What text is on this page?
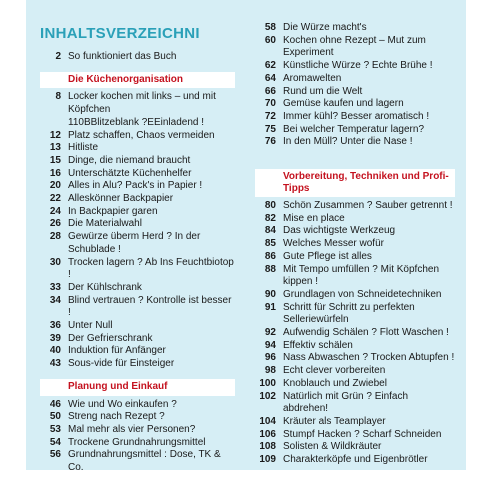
INHALTSVERZEICHNI
2 So funktioniert das Buch
Die Küchenorganisation
8 Locker kochen mit links – und mit Köpfchen
110BBlitzeblank ?EEinladend !
12 Platz schaffen, Chaos vermeiden
13 Hitliste
15 Dinge, die niemand braucht
16 Unterschätzte Küchenhelfer
20 Alles in Alu? Pack's in Papier !
22 Alleskönner Backpapier
24 In Backpapier garen
26 Die Materialwahl
28 Gewürze überm Herd ? In der Schublade !
30 Trocken lagern ? Ab Ins Feuchtbiotop !
33 Der Kühlschrank
34 Blind vertrauen ? Kontrolle ist besser !
36 Unter Null
39 Der Gefrierschrank
40 Induktion für Anfänger
43 Sous-vide für Einsteiger
Planung und Einkauf
46 Wie und Wo einkaufen ?
50 Streng nach Rezept ?
53 Mal mehr als vier Personen?
54 Trockene Grundnahrungsmittel
56 Grundnahrungsmittel : Dose, TK & Co.
58 Die Würze macht's
60 Kochen ohne Rezept – Mut zum Experiment
62 Künstliche Würze ? Echte Brühe !
64 Aromawelten
66 Rund um die Welt
70 Gemüse kaufen und lagern
72 Immer kühl? Besser aromatisch !
75 Bei welcher Temperatur lagern?
76 In den Müll? Unter die Nase !
Vorbereitung, Techniken und Profi-Tipps
80 Schön Zusammen ? Sauber getrennt !
82 Mise en place
84 Das wichtigste Werkzeug
85 Welches Messer wofür
86 Gute Pflege ist alles
88 Mit Tempo umfüllen ? Mit Köpfchen kippen !
90 Grundlagen von Schneidetechniken
91 Schritt für Schritt zu perfekten Selleriewürfeln
92 Aufwendig Schälen ? Flott Waschen !
94 Effektiv schälen
96 Nass Abwaschen ? Trocken Abtupfen !
98 Echt clever vorbereiten
100 Knoblauch und Zwiebel
102 Natürlich mit Grün ? Einfach abdrehen!
104 Kräuter als Teamplayer
106 Stumpf Hacken ? Scharf Schneiden
108 Solisten & Wildkräuter
109 Charakterköpfe und Eigenbrötler
